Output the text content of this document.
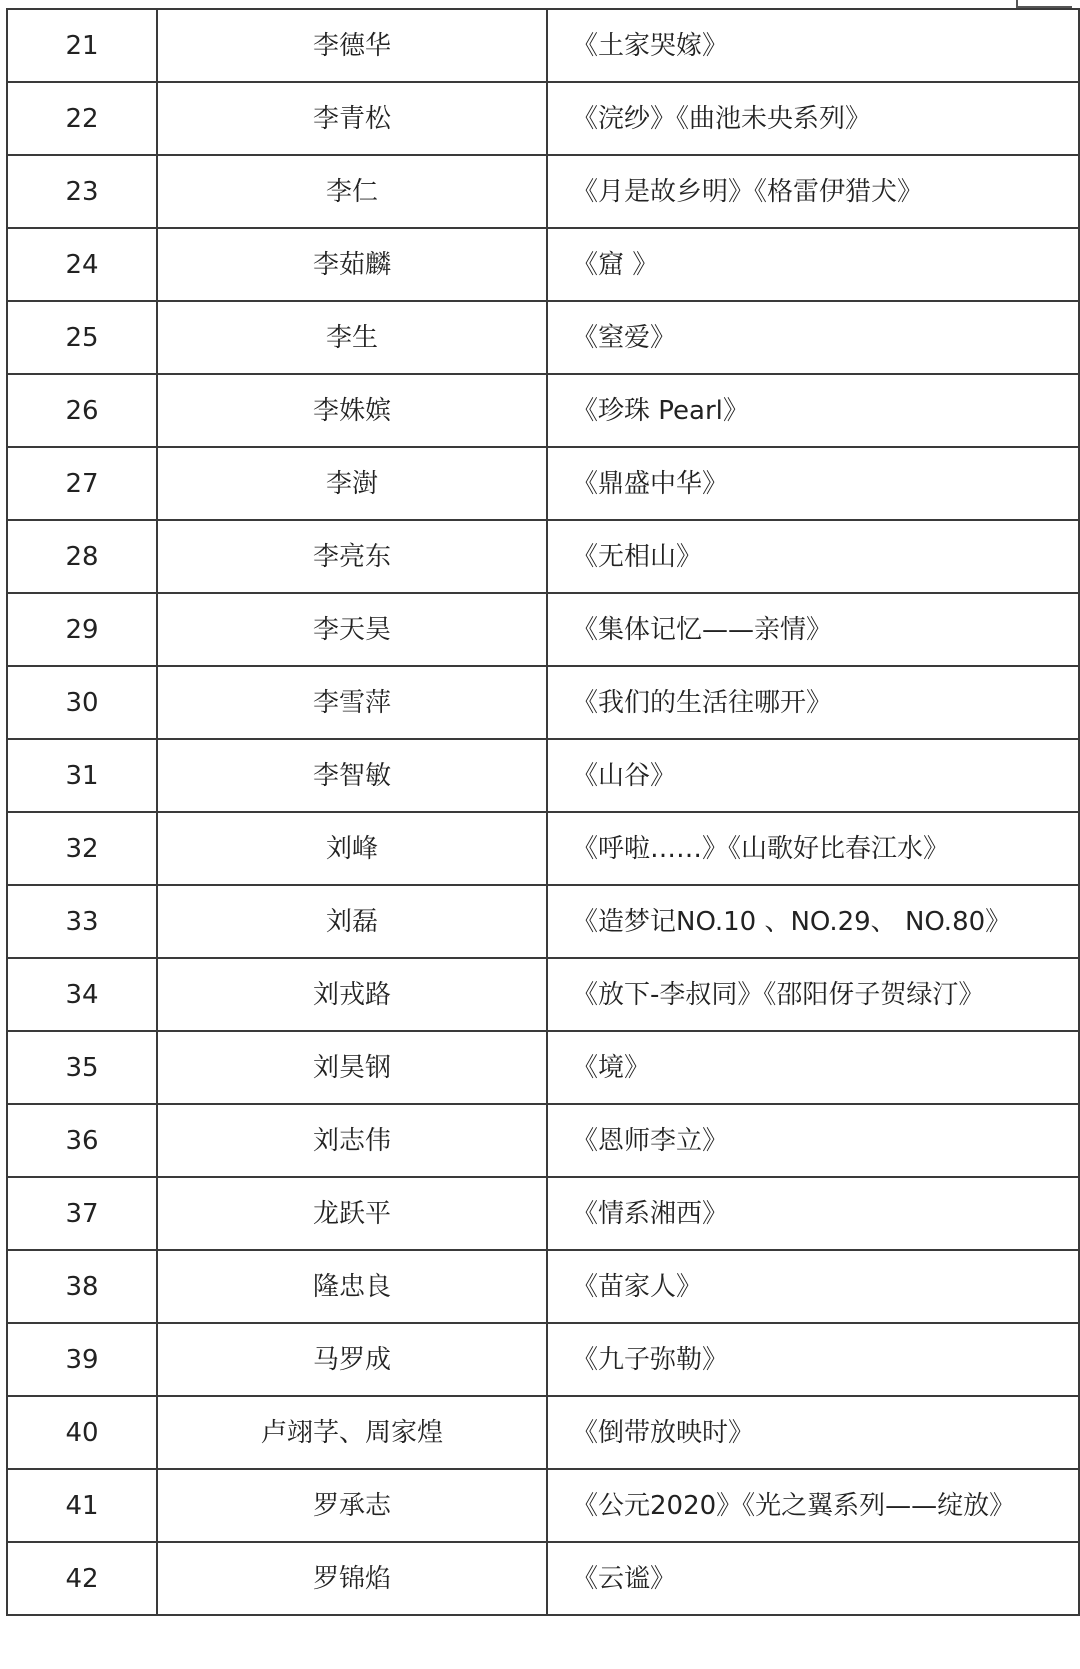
21	李德华	《土家哭嫁》
22	李青松	《浣纱》《曲池未央系列》
23	李仁	《月是故乡明》《格雷伊猎犬》
24	李茹麟	《窟 》
25	李生	《窒爱》
26	李姝嫔	《珍珠 Pearl》
27	李澍	《鼎盛中华》
28	李亮东	《无相山》
29	李天昊	《集体记忆——亲情》
30	李雪萍	《我们的生活往哪开》
31	李智敏	《山谷》
32	刘峰	《呼啦……》《山歌好比春江水》
33	刘磊	《造梦记NO.10 、NO.29、 NO.80》
34	刘戎路	《放下-李叔同》《邵阳伢子贺绿汀》
35	刘昊钢	《境》
36	刘志伟	《恩师李立》
37	龙跃平	《情系湘西》
38	隆忠良	《苗家人》
39	马罗成	《九子弥勒》
40	卢翊芓、周家煌	《倒带放映时》
41	罗承志	《公元2020》《光之翼系列——绽放》
42	罗锦焰	《云谧》
